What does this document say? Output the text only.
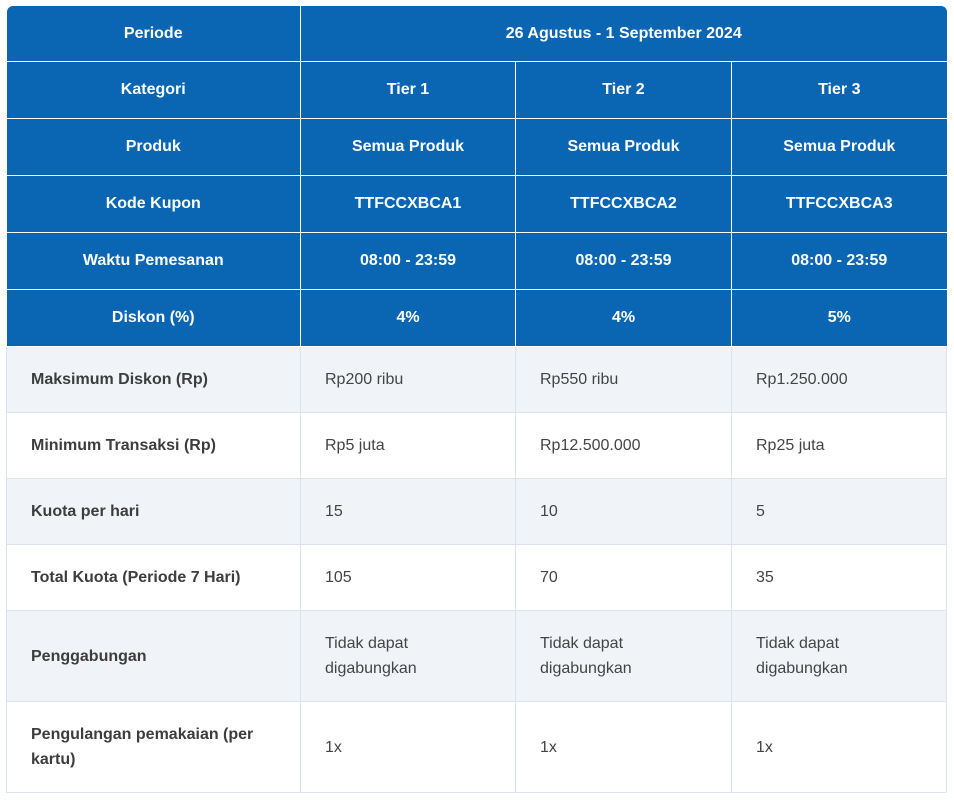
Periode	26 Agustus - 1 September 2024		
Kategori	Tier 1	Tier 2	Tier 3
Produk	Semua Produk	Semua Produk	Semua Produk
Kode Kupon	TTFCCXBCA1	TTFCCXBCA2	TTFCCXBCA3
Waktu Pemesanan	08:00 - 23:59	08:00 - 23:59	08:00 - 23:59
Diskon (%)	4%	4%	5%
Maksimum Diskon (Rp)	Rp200 ribu	Rp550 ribu	Rp1.250.000
Minimum Transaksi (Rp)	Rp5 juta	Rp12.500.000	Rp25 juta
Kuota per hari	15	10	5
Total Kuota (Periode 7 Hari)	105	70	35
Penggabungan	Tidak dapat digabungkan	Tidak dapat digabungkan	Tidak dapat digabungkan
Pengulangan pemakaian (per kartu)	1x	1x	1x
